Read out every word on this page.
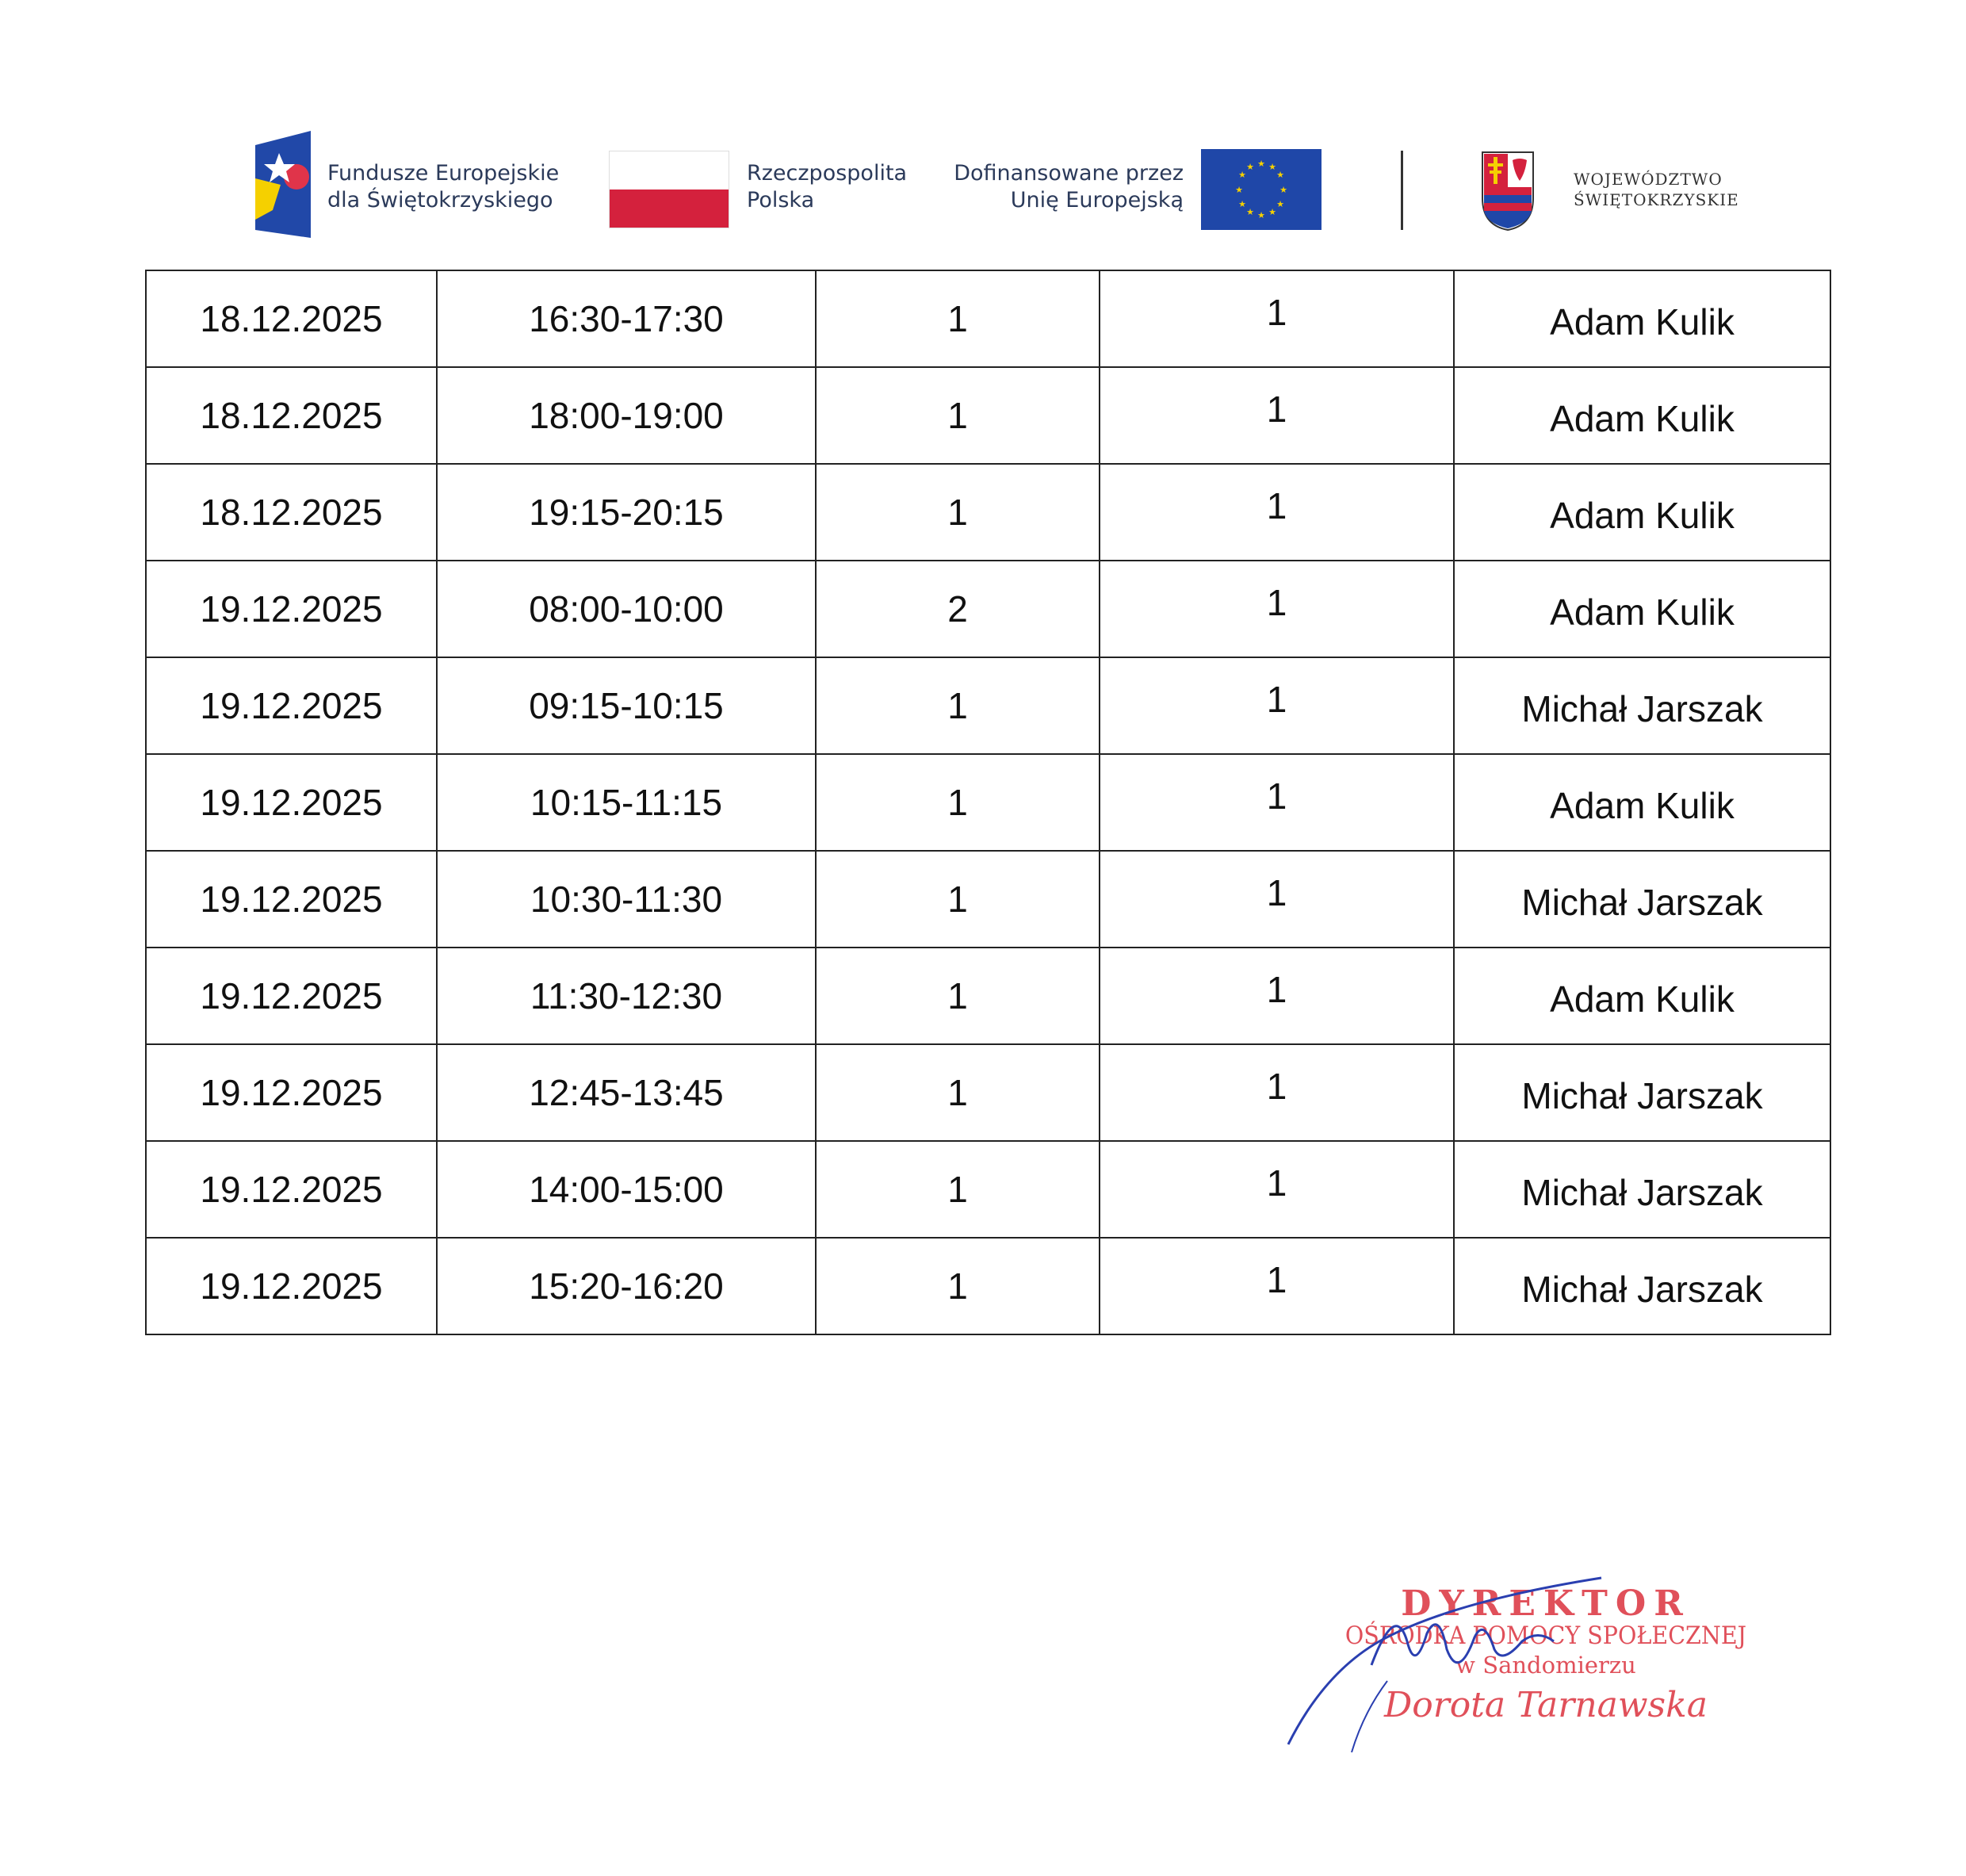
Fundusze Europejskie
dla Świętokrzyskiego
Rzeczpospolita
Polska
Dofinansowane przez
Unię Europejską
★ ★
★
★
★
★
★
★
★
★
★
★
WOJEWÓDZTWO
ŚWIĘTOKRZYSKIE
18.12.2025	16:30-17:30	1	1	Adam Kulik
18.12.2025	18:00-19:00	1	1	Adam Kulik
18.12.2025	19:15-20:15	1	1	Adam Kulik
19.12.2025	08:00-10:00	2	1	Adam Kulik
19.12.2025	09:15-10:15	1	1	Michał Jarszak
19.12.2025	10:15-11:15	1	1	Adam Kulik
19.12.2025	10:30-11:30	1	1	Michał Jarszak
19.12.2025	11:30-12:30	1	1	Adam Kulik
19.12.2025	12:45-13:45	1	1	Michał Jarszak
19.12.2025	14:00-15:00	1	1	Michał Jarszak
19.12.2025	15:20-16:20	1	1	Michał Jarszak
DYREKTOR
OŚRODKA POMOCY SPOŁECZNEJ
w Sandomierzu
Dorota Tarnawska
